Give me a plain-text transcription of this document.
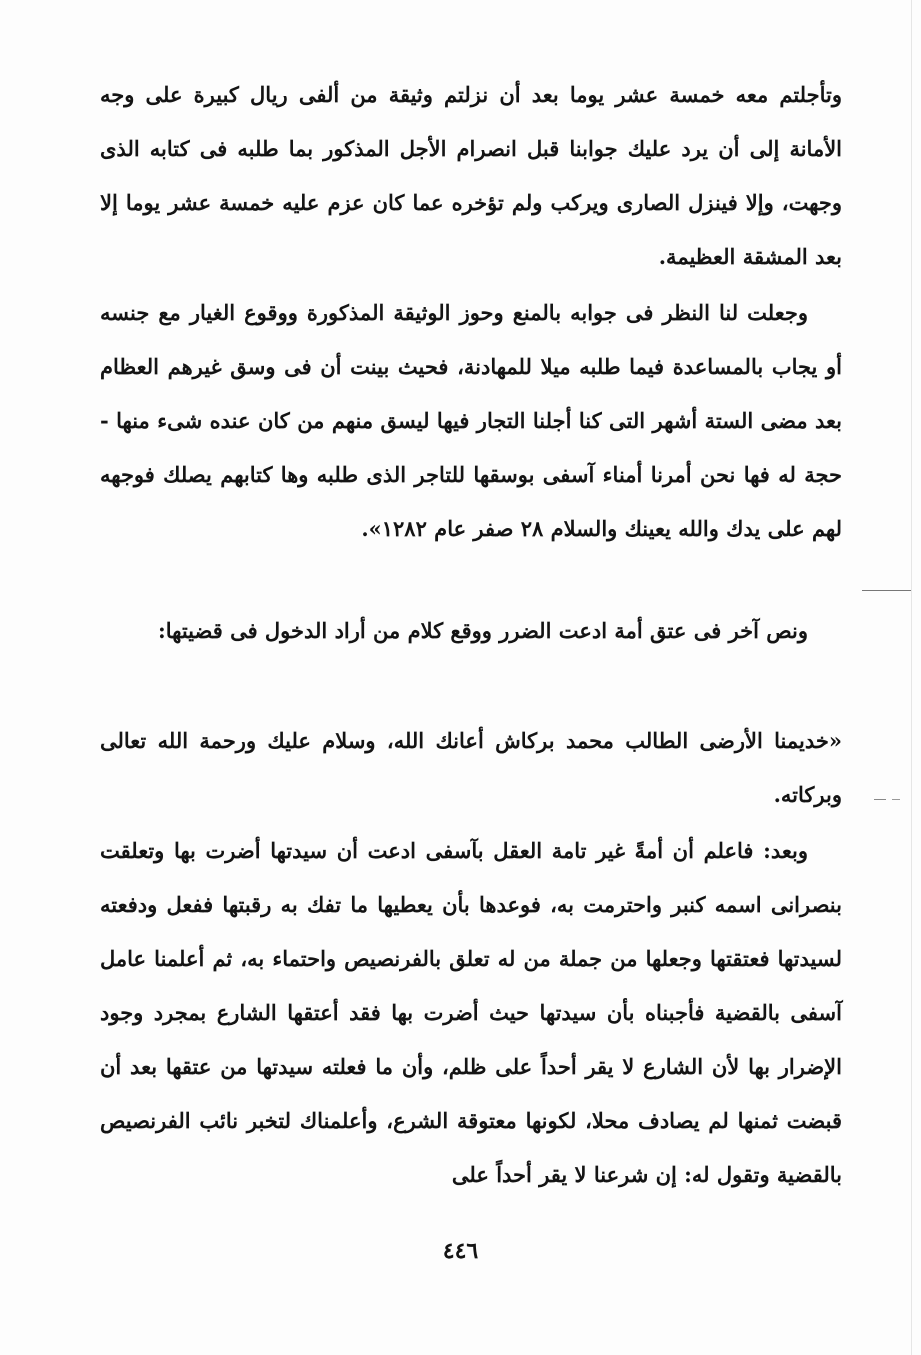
وتأجلتم معه خمسة عشر يوما بعد أن نزلتم وثيقة من ألفى ريال كبيرة على وجه الأمانة إلى أن يرد عليك جوابنا قبل انصرام الأجل المذكور بما طلبه فى كتابه الذى وجهت، وإلا فينزل الصارى ويركب ولم تؤخره عما كان عزم عليه خمسة عشر يوما إلا بعد المشقة العظيمة.

وجعلت لنا النظر فى جوابه بالمنع وحوز الوثيقة المذكورة ووقوع الغيار مع جنسه أو يجاب بالمساعدة فيما طلبه ميلا للمهادنة، فحيث بينت أن فى وسق غيرهم العظام بعد مضى الستة أشهر التى كنا أجلنا التجار فيها ليسق منهم من كان عنده شىء منها - حجة له فها نحن أمرنا أمناء آسفى بوسقها للتاجر الذى طلبه وها كتابهم يصلك فوجهه لهم على يدك والله يعينك والسلام ٢٨ صفر عام ١٢٨٢».

ونص آخر فى عتق أمة ادعت الضرر ووقع كلام من أراد الدخول فى قضيتها:

«خديمنا الأرضى الطالب محمد بركاش أعانك الله، وسلام عليك ورحمة الله تعالى وبركاته.

وبعد: فاعلم أن أمةً غير تامة العقل بآسفى ادعت أن سيدتها أضرت بها وتعلقت بنصرانى اسمه كنبر واحترمت به، فوعدها بأن يعطيها ما تفك به رقبتها ففعل ودفعته لسيدتها فعتقتها وجعلها من جملة من له تعلق بالفرنصيص واحتماء به، ثم أعلمنا عامل آسفى بالقضية فأجبناه بأن سيدتها حيث أضرت بها فقد أعتقها الشارع بمجرد وجود الإضرار بها لأن الشارع لا يقر أحداً على ظلم، وأن ما فعلته سيدتها من عتقها بعد أن قبضت ثمنها لم يصادف محلا، لكونها معتوقة الشرع، وأعلمناك لتخبر نائب الفرنصيص بالقضية وتقول له: إن شرعنا لا يقر أحداً على

٤٤٦
